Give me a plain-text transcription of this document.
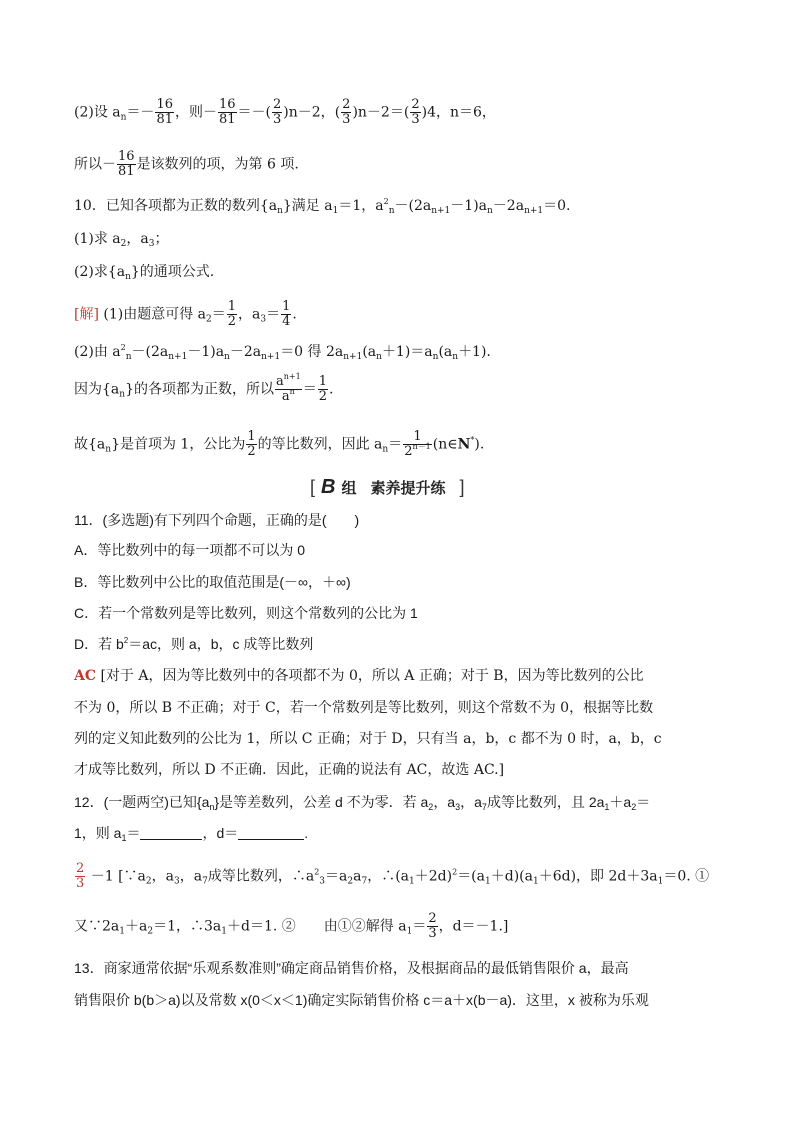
(2)设 $a_n=- \frac{16}{81}$ ，则－ $\frac{16}{81}$ ＝－( $\frac{2}{3} )n-2$，( $\frac{2}{3} )n-2=( \frac{2}{3} )4$，n＝6，
所以－ $\frac{16}{81}$ 是该数列的项，为第 6 项.
10．已知各项都为正数的数列$\{a_n\}$满足 $a_1=1$，$a^2_n-(2a_{n+1}-1)a_n-2a_{n+1}=0$.
(1)求 $a_2$，$a_3$；
(2)求$\{a_n\}$的通项公式.
[解] (1)由题意可得 $a_2= \frac{1}{2}$ ，$a_3= \frac{1}{4}$ .
(2)由 $a^2_n-(2a_{n+1}-1)a_n-2a_{n+1}=0$ 得 $2a_{n+1}(a_n+1)=a_n(a_n+1)$.
因为$\{a_n\}$的各项都为正数，所以 $\frac{a^{n+1}}{a^n} = \frac{1}{2}$ .
故$\{a_n\}$是首项为 1，公比为 $\frac{1}{2}$ 的等比数列，因此 $a_n= \frac{1}{2^{n-1}}$ (n∈N*).
[ B 组 素养提升练 ]
11．(多选题)有下列四个命题，正确的是(　　)
A．等比数列中的每一项都不可以为 0
B．等比数列中公比的取值范围是(－∞，＋∞)
C．若一个常数列是等比数列，则这个常数列的公比为 1
D．若 $b^2=ac$，则 a，b，c 成等比数列
AC [对于 A，因为等比数列中的各项都不为 0，所以 A 正确；对于 B，因为等比数列的公比
不为 0，所以 B 不正确；对于 C，若一个常数列是等比数列，则这个常数不为 0，根据等比数
列的定义知此数列的公比为 1，所以 C 正确；对于 D，只有当 a，b，c 都不为 0 时，a，b，c
才成等比数列，所以 D 不正确．因此，正确的说法有 AC，故选 AC.]
12．(一题两空)已知$\{a_n\}$是等差数列，公差 d 不为零．若 $a_2$，$a_3$，$a_7$成等比数列，且 $2a_1+a_2=$
1，则 $a_1=$	，d＝	.
$\frac{2}{3} -1$ [$\because a_2$，$a_3$，$a_7$成等比数列，$\therefore a^2_3=a_2a_7$，$\therefore(a_1+2d)^2=(a_1+d)(a_1+6d)$，即 $2d+3a_1=0$. ①
又$\because 2a_1+a_2=1$，$\therefore 3a_1+d=1$. ②　　由①②解得 $a_1= \frac{2}{3}$ ，d＝－1.]
13．商家通常依据“乐观系数准则”确定商品销售价格，及根据商品的最低销售限价 a，最高
销售限价 b(b＞a)以及常数 x(0＜x＜1)确定实际销售价格 c＝a＋x(b－a)．这里，x 被称为乐观
